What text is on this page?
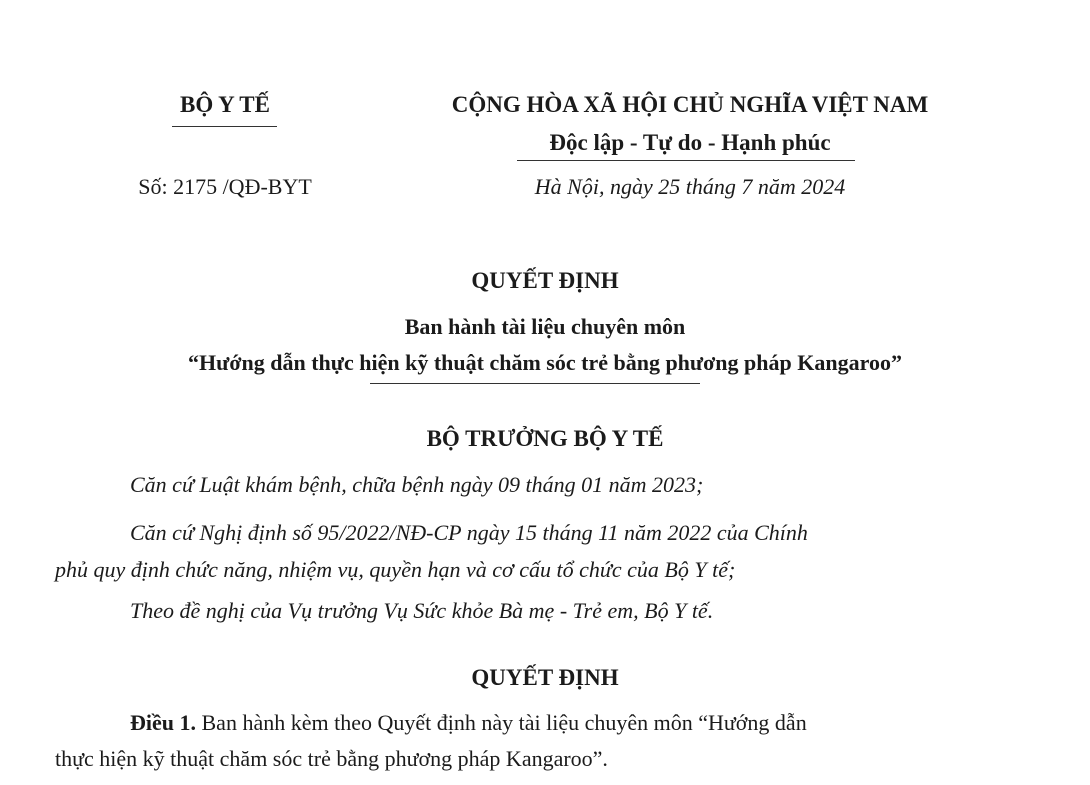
BỘ Y TẾ
Số: 2175 /QĐ-BYT
CỘNG HÒA XÃ HỘI CHỦ NGHĨA VIỆT NAM
Độc lập - Tự do - Hạnh phúc
Hà Nội, ngày 25 tháng 7 năm 2024
QUYẾT ĐỊNH
Ban hành tài liệu chuyên môn
“Hướng dẫn thực hiện kỹ thuật chăm sóc trẻ bằng phương pháp Kangaroo”
BỘ TRƯỞNG BỘ Y TẾ
Căn cứ Luật khám bệnh, chữa bệnh ngày 09 tháng 01 năm 2023;
Căn cứ Nghị định số 95/2022/NĐ-CP ngày 15 tháng 11 năm 2022 của Chính
phủ quy định chức năng, nhiệm vụ, quyền hạn và cơ cấu tổ chức của Bộ Y tế;
Theo đề nghị của Vụ trưởng Vụ Sức khỏe Bà mẹ - Trẻ em, Bộ Y tế.
QUYẾT ĐỊNH
Điều 1. Ban hành kèm theo Quyết định này tài liệu chuyên môn “Hướng dẫn
thực hiện kỹ thuật chăm sóc trẻ bằng phương pháp Kangaroo”.
